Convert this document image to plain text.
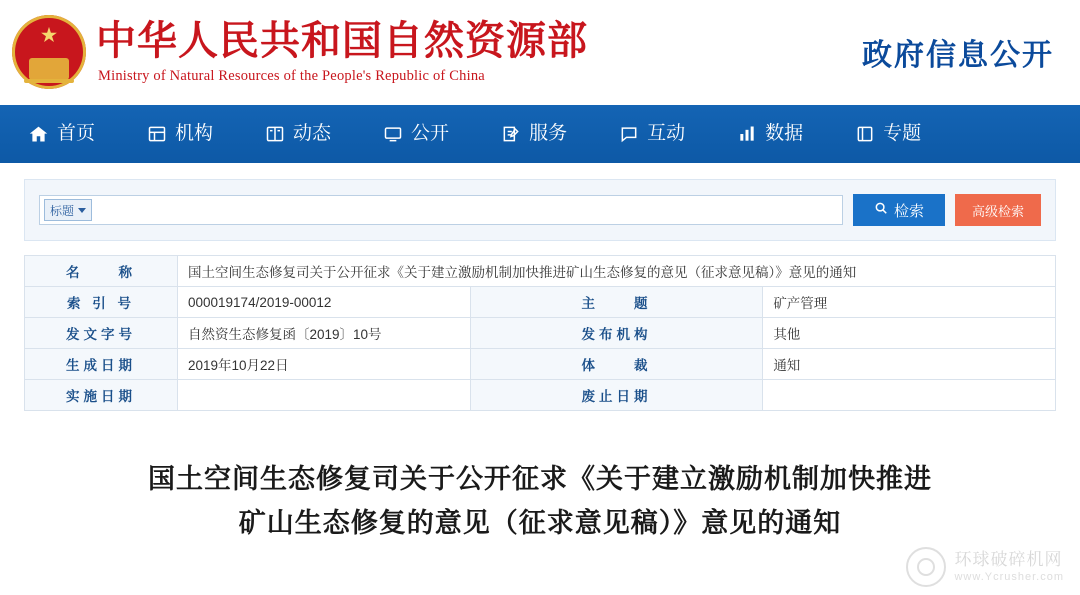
★ 中华人民共和国自然资源部
Ministry of Natural Resources of the People's Republic of China
政府信息公开
首页	机构	动态	公开	服务	互动	数据	专题
标题	检索	高级检索
名　　称	国土空间生态修复司关于公开征求《关于建立激励机制加快推进矿山生态修复的意见（征求意见稿）》意见的通知		
索 引 号	000019174/2019-00012	主　　题	矿产管理
发文字号	自然资生态修复函〔2019〕10号	发布机构	其他
生成日期	2019年10月22日	体　　裁	通知
实施日期		废止日期	
国土空间生态修复司关于公开征求《关于建立激励机制加快推进矿山生态修复的意见（征求意见稿）》意见的通知
环球破碎机网
www.Ycrusher.com
